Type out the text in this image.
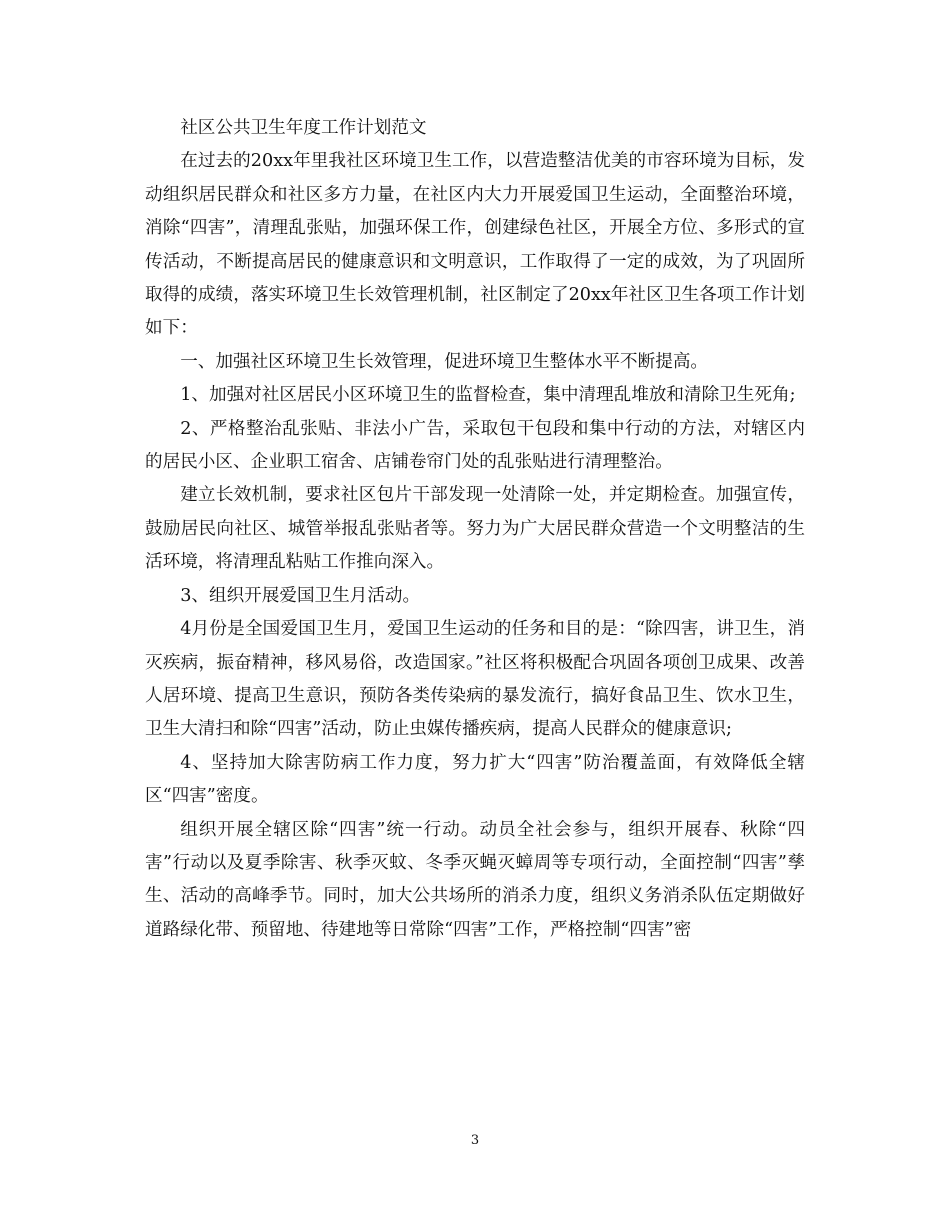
社区公共卫生年度工作计划范文

在过去的20xx年里我社区环境卫生工作，以营造整洁优美的市容环境为目标，发动组织居民群众和社区多方力量，在社区内大力开展爱国卫生运动，全面整治环境，消除“四害”，清理乱张贴，加强环保工作，创建绿色社区，开展全方位、多形式的宣传活动，不断提高居民的健康意识和文明意识，工作取得了一定的成效，为了巩固所取得的成绩，落实环境卫生长效管理机制，社区制定了20xx年社区卫生各项工作计划如下：

一、加强社区环境卫生长效管理，促进环境卫生整体水平不断提高。

1、加强对社区居民小区环境卫生的监督检查，集中清理乱堆放和清除卫生死角;

2、严格整治乱张贴、非法小广告，采取包干包段和集中行动的方法，对辖区内的居民小区、企业职工宿舍、店铺卷帘门处的乱张贴进行清理整治。

建立长效机制，要求社区包片干部发现一处清除一处，并定期检查。加强宣传，鼓励居民向社区、城管举报乱张贴者等。努力为广大居民群众营造一个文明整洁的生活环境，将清理乱粘贴工作推向深入。

3、组织开展爱国卫生月活动。

4月份是全国爱国卫生月，爱国卫生运动的任务和目的是：“除四害，讲卫生，消灭疾病，振奋精神，移风易俗，改造国家。”社区将积极配合巩固各项创卫成果、改善人居环境、提高卫生意识，预防各类传染病的暴发流行，搞好食品卫生、饮水卫生，卫生大清扫和除“四害”活动，防止虫媒传播疾病，提高人民群众的健康意识;

4、坚持加大除害防病工作力度，努力扩大“四害”防治覆盖面，有效降低全辖区“四害”密度。

组织开展全辖区除“四害”统一行动。动员全社会参与，组织开展春、秋除“四害”行动以及夏季除害、秋季灭蚊、冬季灭蝇灭蟑周等专项行动，全面控制“四害”孳生、活动的高峰季节。同时，加大公共场所的消杀力度，组织义务消杀队伍定期做好道路绿化带、预留地、待建地等日常除“四害”工作，严格控制“四害”密

3
